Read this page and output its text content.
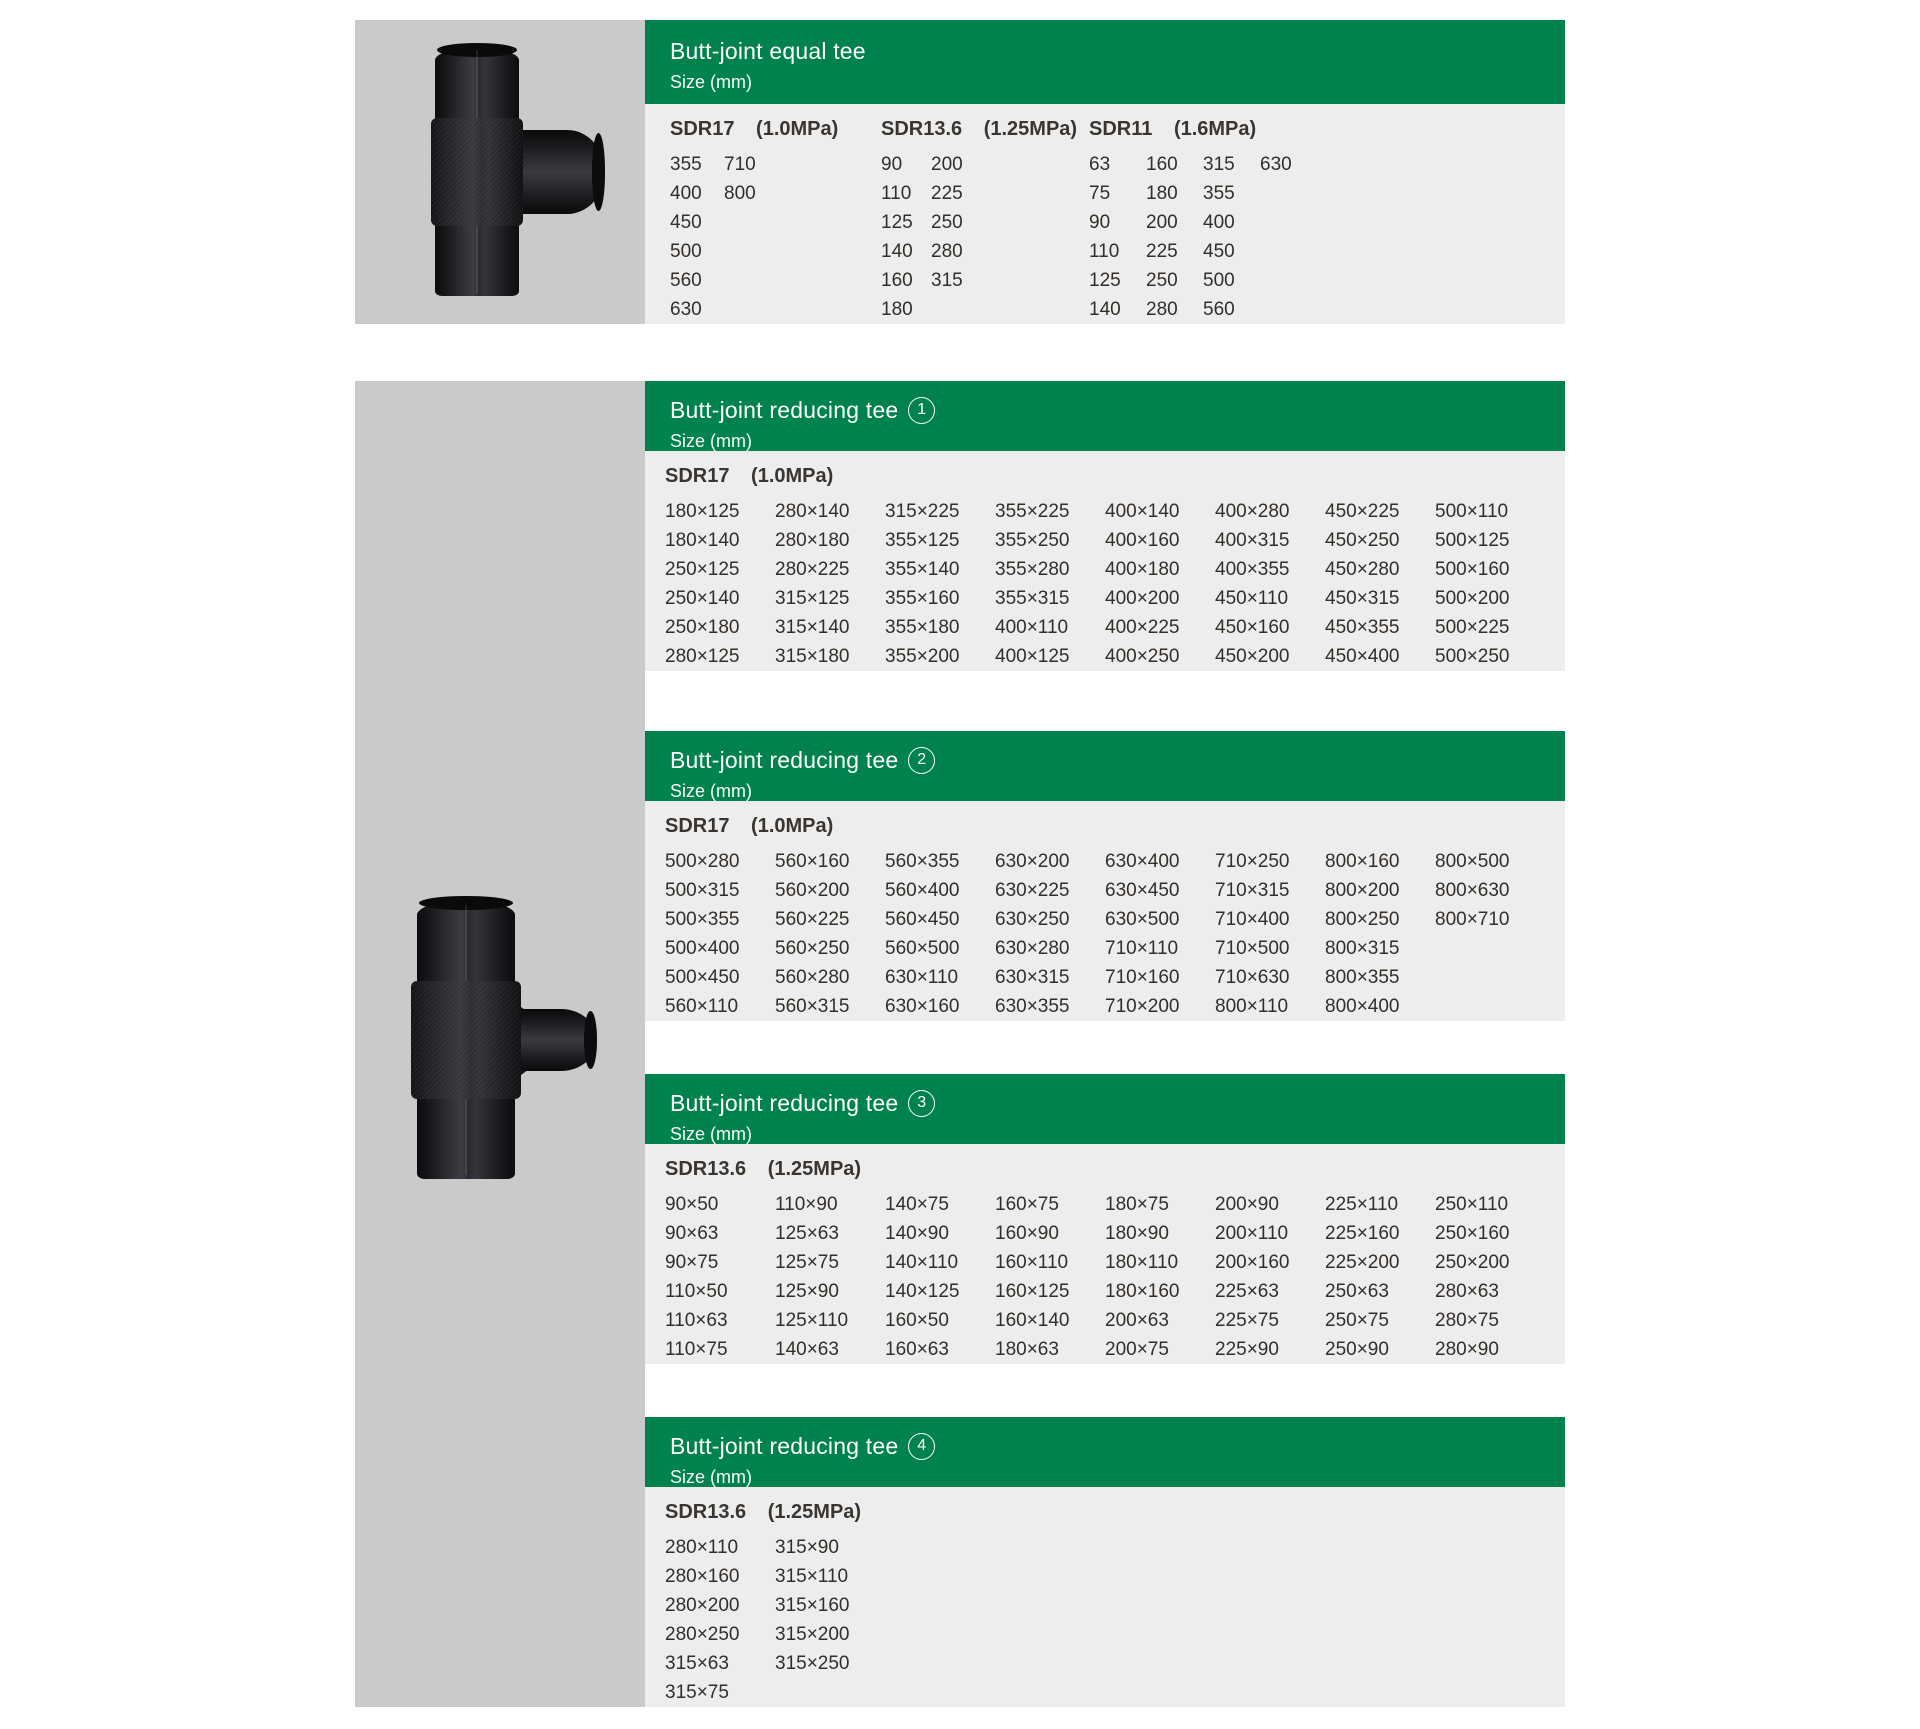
Butt-joint equal tee
Size (mm)
SDR17 (1.0MPa)
355	710
400	800
450
500
560
630
SDR13.6 (1.25MPa)
90	200
110	225
125 250
140 280
160 315
180
SDR11 (1.6MPa)
63	160	315	630
75	180	355
90	200	400
110	225	450
125	250	500
140	280	560
Butt-joint reducing tee	1
Size (mm)
SDR17 (1.0MPa)
180×125	280×140	315×225	355×225	400×140	400×280	450×225	500×110
180×140	280×180	355×125	355×250	400×160	400×315	450×250	500×125
250×125	280×225	355×140	355×280	400×180	400×355	450×280	500×160
250×140	315×125	355×160	355×315	400×200	450×110	450×315	500×200
250×180	315×140	355×180	400×110	400×225	450×160	450×355	500×225
280×125	315×180	355×200	400×125	400×250	450×200	450×400	500×250
Butt-joint reducing tee	2
Size (mm)
SDR17 (1.0MPa)
500×280	560×160	560×355	630×200	630×400	710×250	800×160	800×500
500×315	560×200	560×400	630×225	630×450	710×315	800×200	800×630
500×355	560×225	560×450	630×250	630×500	710×400	800×250	800×710
500×400	560×250	560×500	630×280	710×110	710×500	800×315
500×450	560×280	630×110	630×315	710×160	710×630	800×355
560×110	560×315	630×160	630×355	710×200	800×110	800×400
Butt-joint reducing tee	3
Size (mm)
SDR13.6 (1.25MPa)
90×50	110×90	140×75	160×75	180×75	200×90	225×110	250×110
90×63	125×63	140×90	160×90	180×90	200×110	225×160	250×160
90×75	125×75	140×110	160×110	180×110	200×160	225×200	250×200
110×50	125×90	140×125	160×125	180×160	225×63	250×63	280×63
110×63	125×110	160×50	160×140	200×63	225×75	250×75	280×75
110×75	140×63	160×63	180×63	200×75	225×90	250×90	280×90
Butt-joint reducing tee	4
Size (mm)
SDR13.6 (1.25MPa)
280×110	315×90
280×160	315×110
280×200	315×160
280×250	315×200
315×63	315×250
315×75
